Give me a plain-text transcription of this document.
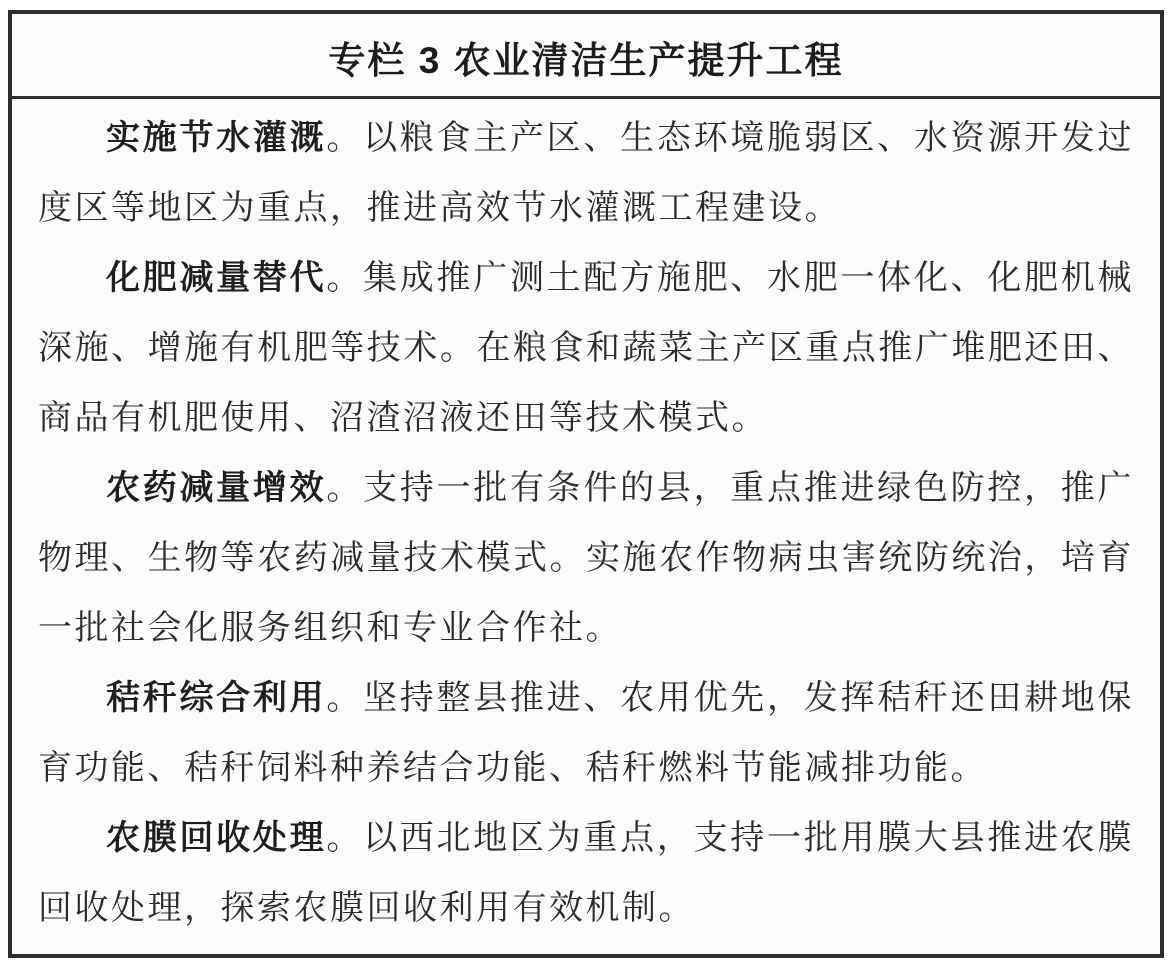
专栏 3 农业清洁生产提升工程

实施节水灌溉。以粮食主产区、生态环境脆弱区、水资源开发过度区等地区为重点，推进高效节水灌溉工程建设。

化肥减量替代。集成推广测土配方施肥、水肥一体化、化肥机械深施、增施有机肥等技术。在粮食和蔬菜主产区重点推广堆肥还田、商品有机肥使用、沼渣沼液还田等技术模式。

农药减量增效。支持一批有条件的县，重点推进绿色防控，推广物理、生物等农药减量技术模式。实施农作物病虫害统防统治，培育一批社会化服务组织和专业合作社。

秸秆综合利用。坚持整县推进、农用优先，发挥秸秆还田耕地保育功能、秸秆饲料种养结合功能、秸秆燃料节能减排功能。

农膜回收处理。以西北地区为重点，支持一批用膜大县推进农膜回收处理，探索农膜回收利用有效机制。
